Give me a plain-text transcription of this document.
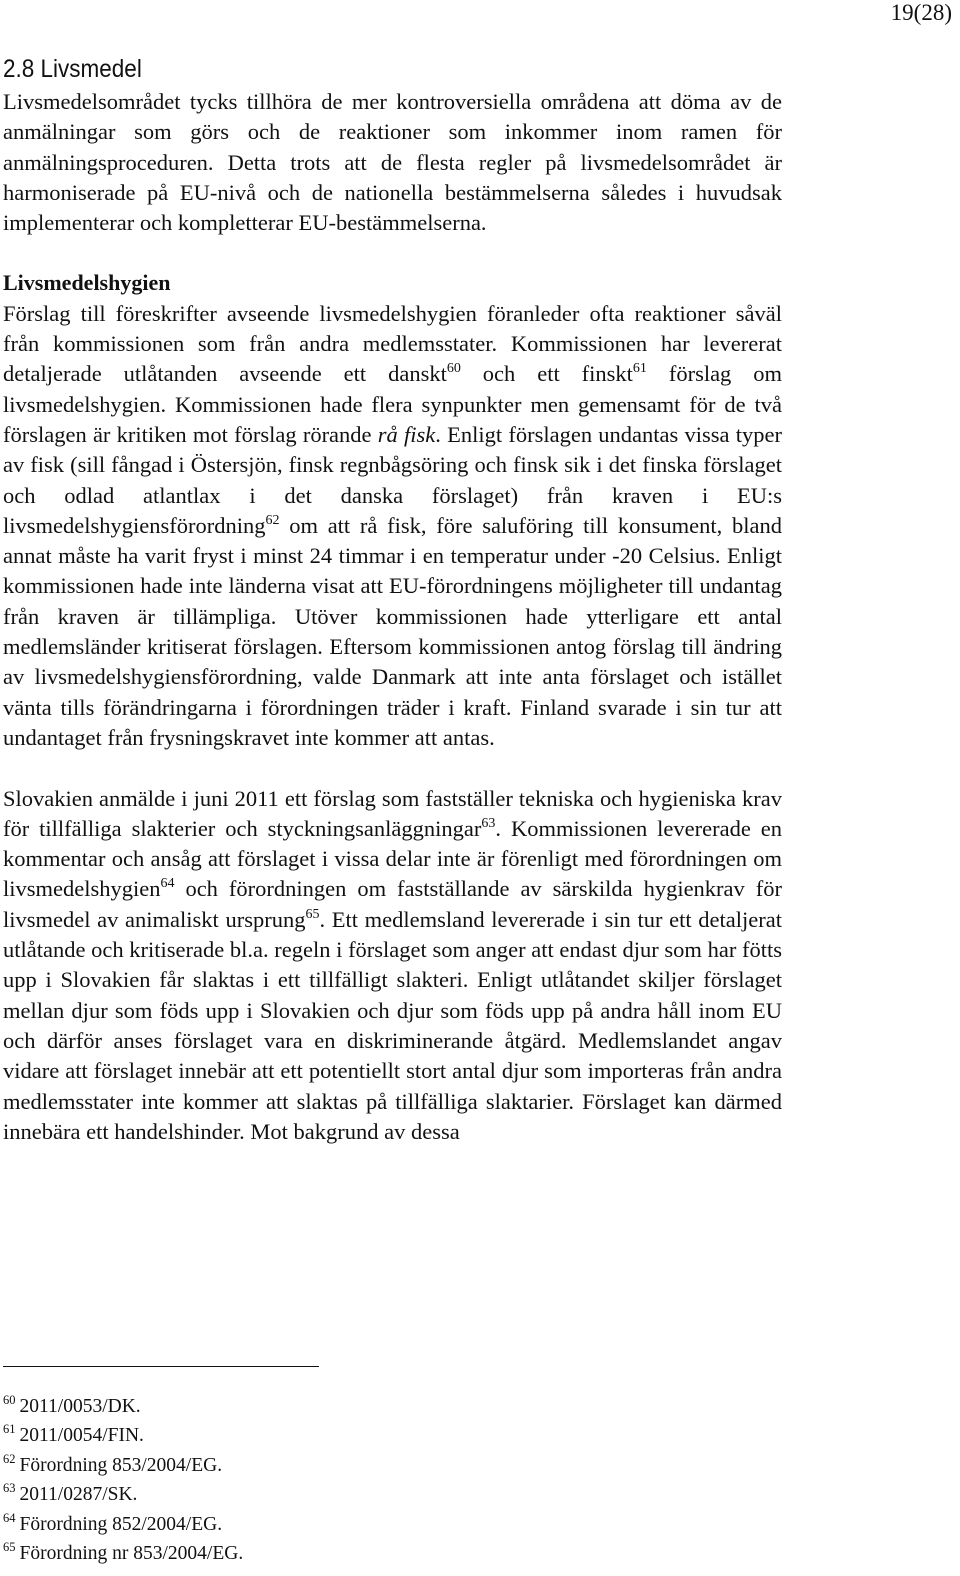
19(28)
2.8 Livsmedel

Livsmedelsområdet tycks tillhöra de mer kontroversiella områdena att döma av de anmälningar som görs och de reaktioner som inkommer inom ramen för anmälningsproceduren. Detta trots att de flesta regler på livsmedelsområdet är harmoniserade på EU-nivå och de nationella bestämmelserna således i huvudsak implementerar och kompletterar EU-bestämmelserna.

Livsmedelshygien

Förslag till föreskrifter avseende livsmedelshygien föranleder ofta reaktioner såväl från kommissionen som från andra medlemsstater. Kommissionen har levererat detaljerade utlåtanden avseende ett danskt$^{60}$ och ett finskt$^{61}$ förslag om livsmedelshygien. Kommissionen hade flera synpunkter men gemensamt för de två förslagen är kritiken mot förslag rörande rå fisk. Enligt förslagen undantas vissa typer av fisk (sill fångad i Östersjön, finsk regnbågsöring och finsk sik i det finska förslaget och odlad atlantlax i det danska förslaget) från kraven i EU:s livsmedelshygiensförordning$^{62}$ om att rå fisk, före saluföring till konsument, bland annat måste ha varit fryst i minst 24 timmar i en temperatur under -20 Celsius. Enligt kommissionen hade inte länderna visat att EU-förordningens möjligheter till undantag från kraven är tillämpliga. Utöver kommissionen hade ytterligare ett antal medlemsländer kritiserat förslagen. Eftersom kommissionen antog förslag till ändring av livsmedelshygiensförordning, valde Danmark att inte anta förslaget och istället vänta tills förändringarna i förordningen träder i kraft. Finland svarade i sin tur att undantaget från frysningskravet inte kommer att antas.

Slovakien anmälde i juni 2011 ett förslag som fastställer tekniska och hygieniska krav för tillfälliga slakterier och styckningsanläggningar$^{63}$. Kommissionen levererade en kommentar och ansåg att förslaget i vissa delar inte är förenligt med förordningen om livsmedelshygien$^{64}$ och förordningen om fastställande av särskilda hygienkrav för livsmedel av animaliskt ursprung$^{65}$. Ett medlemsland levererade i sin tur ett detaljerat utlåtande och kritiserade bl.a. regeln i förslaget som anger att endast djur som har fötts upp i Slovakien får slaktas i ett tillfälligt slakteri. Enligt utlåtandet skiljer förslaget mellan djur som föds upp i Slovakien och djur som föds upp på andra håll inom EU och därför anses förslaget vara en diskriminerande åtgärd. Medlemslandet angav vidare att förslaget innebär att ett potentiellt stort antal djur som importeras från andra medlemsstater inte kommer att slaktas på tillfälliga slaktarier. Förslaget kan därmed innebära ett handelshinder. Mot bakgrund av dessa

$^{60}$ 2011/0053/DK.
$^{61}$ 2011/0054/FIN.
$^{62}$ Förordning 853/2004/EG.
$^{63}$ 2011/0287/SK.
$^{64}$ Förordning 852/2004/EG.
$^{65}$ Förordning nr 853/2004/EG.
